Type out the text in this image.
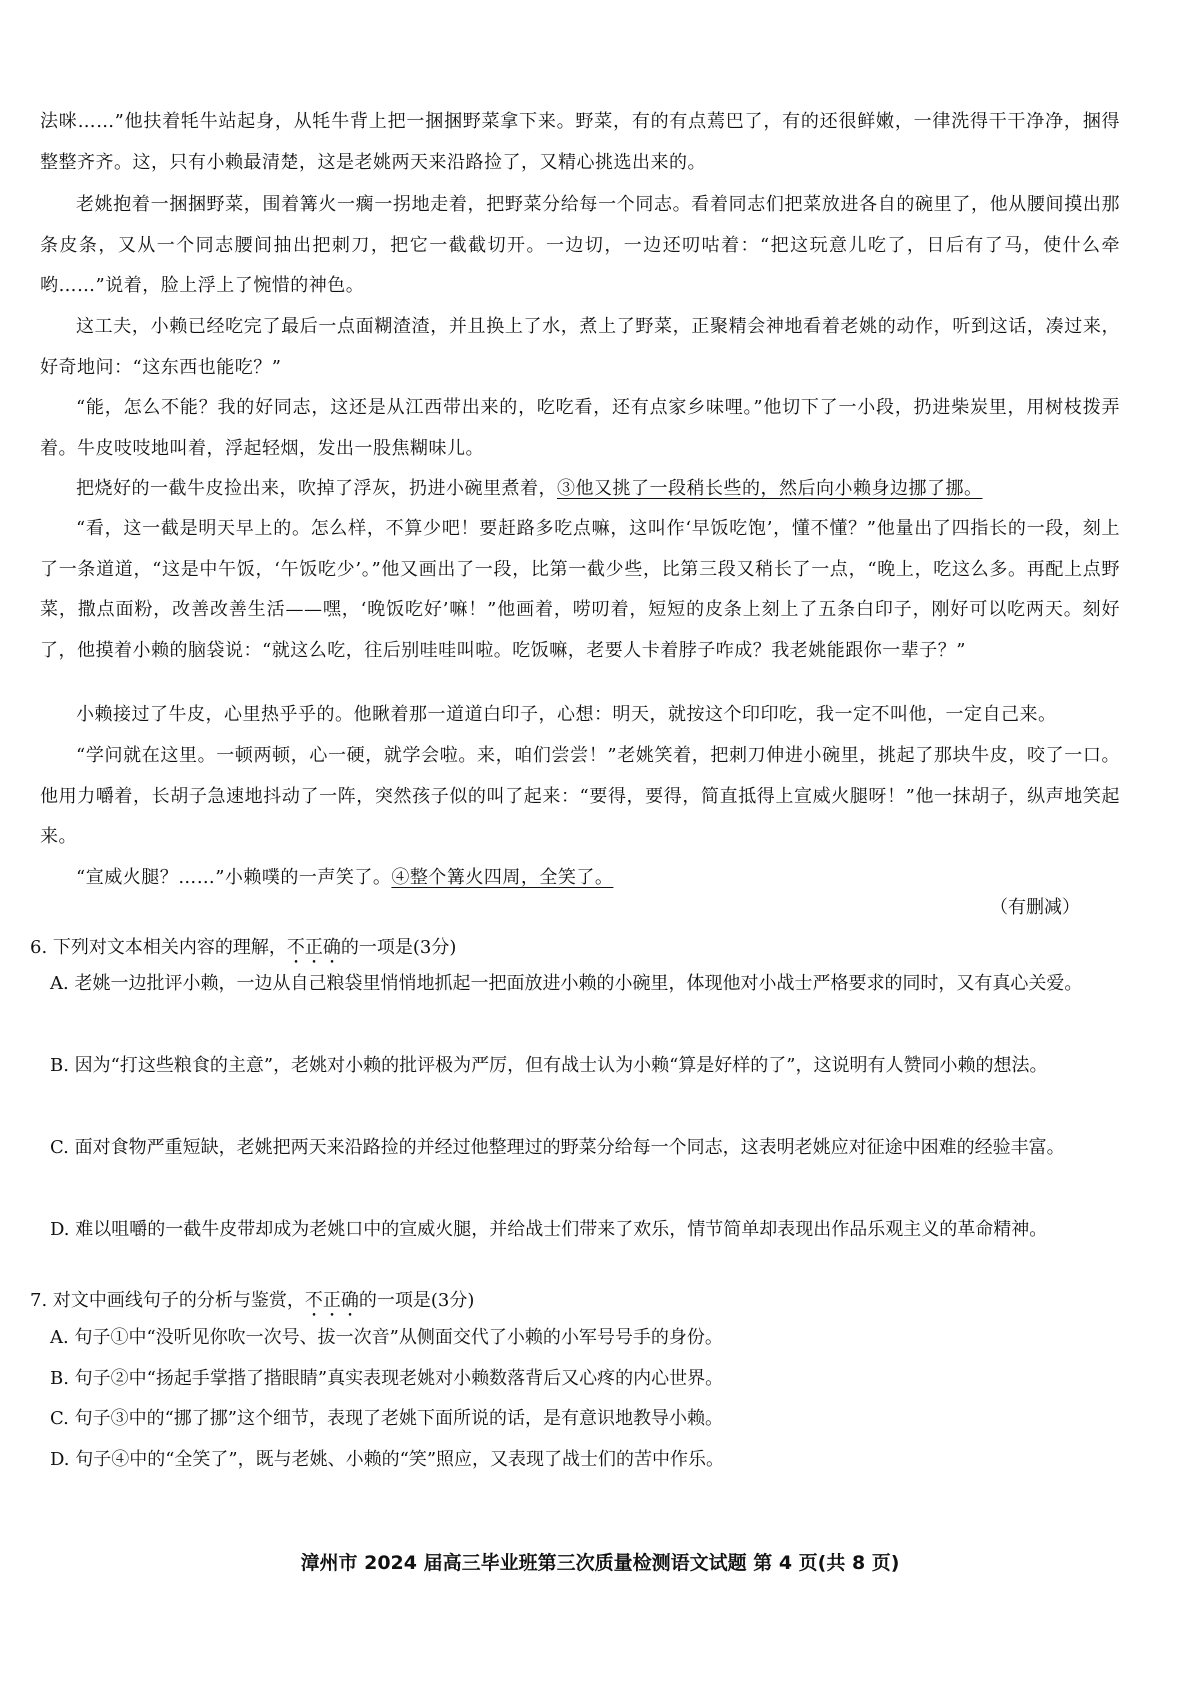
法咪……”他扶着牦牛站起身，从牦牛背上把一捆捆野菜拿下来。野菜，有的有点蔫巴了，有的还很鲜嫩，一律洗得干干净净，捆得整整齐齐。这，只有小赖最清楚，这是老姚两天来沿路捡了，又精心挑选出来的。

老姚抱着一捆捆野菜，围着篝火一瘸一拐地走着，把野菜分给每一个同志。看着同志们把菜放进各自的碗里了，他从腰间摸出那条皮条，又从一个同志腰间抽出把刺刀，把它一截截切开。一边切，一边还叨咕着：“把这玩意儿吃了，日后有了马，使什么牵哟……”说着，脸上浮上了惋惜的神色。

这工夫，小赖已经吃完了最后一点面糊渣渣，并且换上了水，煮上了野菜，正聚精会神地看着老姚的动作，听到这话，凑过来，好奇地问：“这东西也能吃？”

“能，怎么不能？我的好同志，这还是从江西带出来的，吃吃看，还有点家乡味哩。”他切下了一小段，扔进柴炭里，用树枝拨弄着。牛皮吱吱地叫着，浮起轻烟，发出一股焦糊味儿。

把烧好的一截牛皮捡出来，吹掉了浮灰，扔进小碗里煮着，③他又挑了一段稍长些的，然后向小赖身边挪了挪。

“看，这一截是明天早上的。怎么样，不算少吧！要赶路多吃点嘛，这叫作‘早饭吃饱’，懂不懂？”他量出了四指长的一段，刻上了一条道道，“这是中午饭，‘午饭吃少’。”他又画出了一段，比第一截少些，比第三段又稍长了一点，“晚上，吃这么多。再配上点野菜，撒点面粉，改善改善生活——嘿，‘晚饭吃好’嘛！”他画着，唠叨着，短短的皮条上刻上了五条白印子，刚好可以吃两天。刻好了，他摸着小赖的脑袋说：“就这么吃，往后别哇哇叫啦。吃饭嘛，老要人卡着脖子咋成？我老姚能跟你一辈子？”

小赖接过了牛皮，心里热乎乎的。他瞅着那一道道白印子，心想：明天，就按这个印印吃，我一定不叫他，一定自己来。

“学问就在这里。一顿两顿，心一硬，就学会啦。来，咱们尝尝！”老姚笑着，把刺刀伸进小碗里，挑起了那块牛皮，咬了一口。他用力嚼着，长胡子急速地抖动了一阵，突然孩子似的叫了起来：“要得，要得，简直抵得上宣威火腿呀！”他一抹胡子，纵声地笑起来。

“宣威火腿？……”小赖噗的一声笑了。④整个篝火四周，全笑了。

（有删减）

6. 下列对文本相关内容的理解，不正确的一项是(3分)

A. 老姚一边批评小赖，一边从自己粮袋里悄悄地抓起一把面放进小赖的小碗里，体现他对小战士严格要求的同时，又有真心关爱。

B. 因为“打这些粮食的主意”，老姚对小赖的批评极为严厉，但有战士认为小赖“算是好样的了”，这说明有人赞同小赖的想法。

C. 面对食物严重短缺，老姚把两天来沿路捡的并经过他整理过的野菜分给每一个同志，这表明老姚应对征途中困难的经验丰富。

D. 难以咀嚼的一截牛皮带却成为老姚口中的宣威火腿，并给战士们带来了欢乐，情节简单却表现出作品乐观主义的革命精神。

7. 对文中画线句子的分析与鉴赏，不正确的一项是(3分)

A. 句子①中“没听见你吹一次号、拔一次音”从侧面交代了小赖的小军号号手的身份。

B. 句子②中“扬起手掌揩了揩眼睛”真实表现老姚对小赖数落背后又心疼的内心世界。

C. 句子③中的“挪了挪”这个细节，表现了老姚下面所说的话，是有意识地教导小赖。

D. 句子④中的“全笑了”，既与老姚、小赖的“笑”照应，又表现了战士们的苦中作乐。

漳州市 2024 届高三毕业班第三次质量检测语文试题 第 4 页(共 8 页)
